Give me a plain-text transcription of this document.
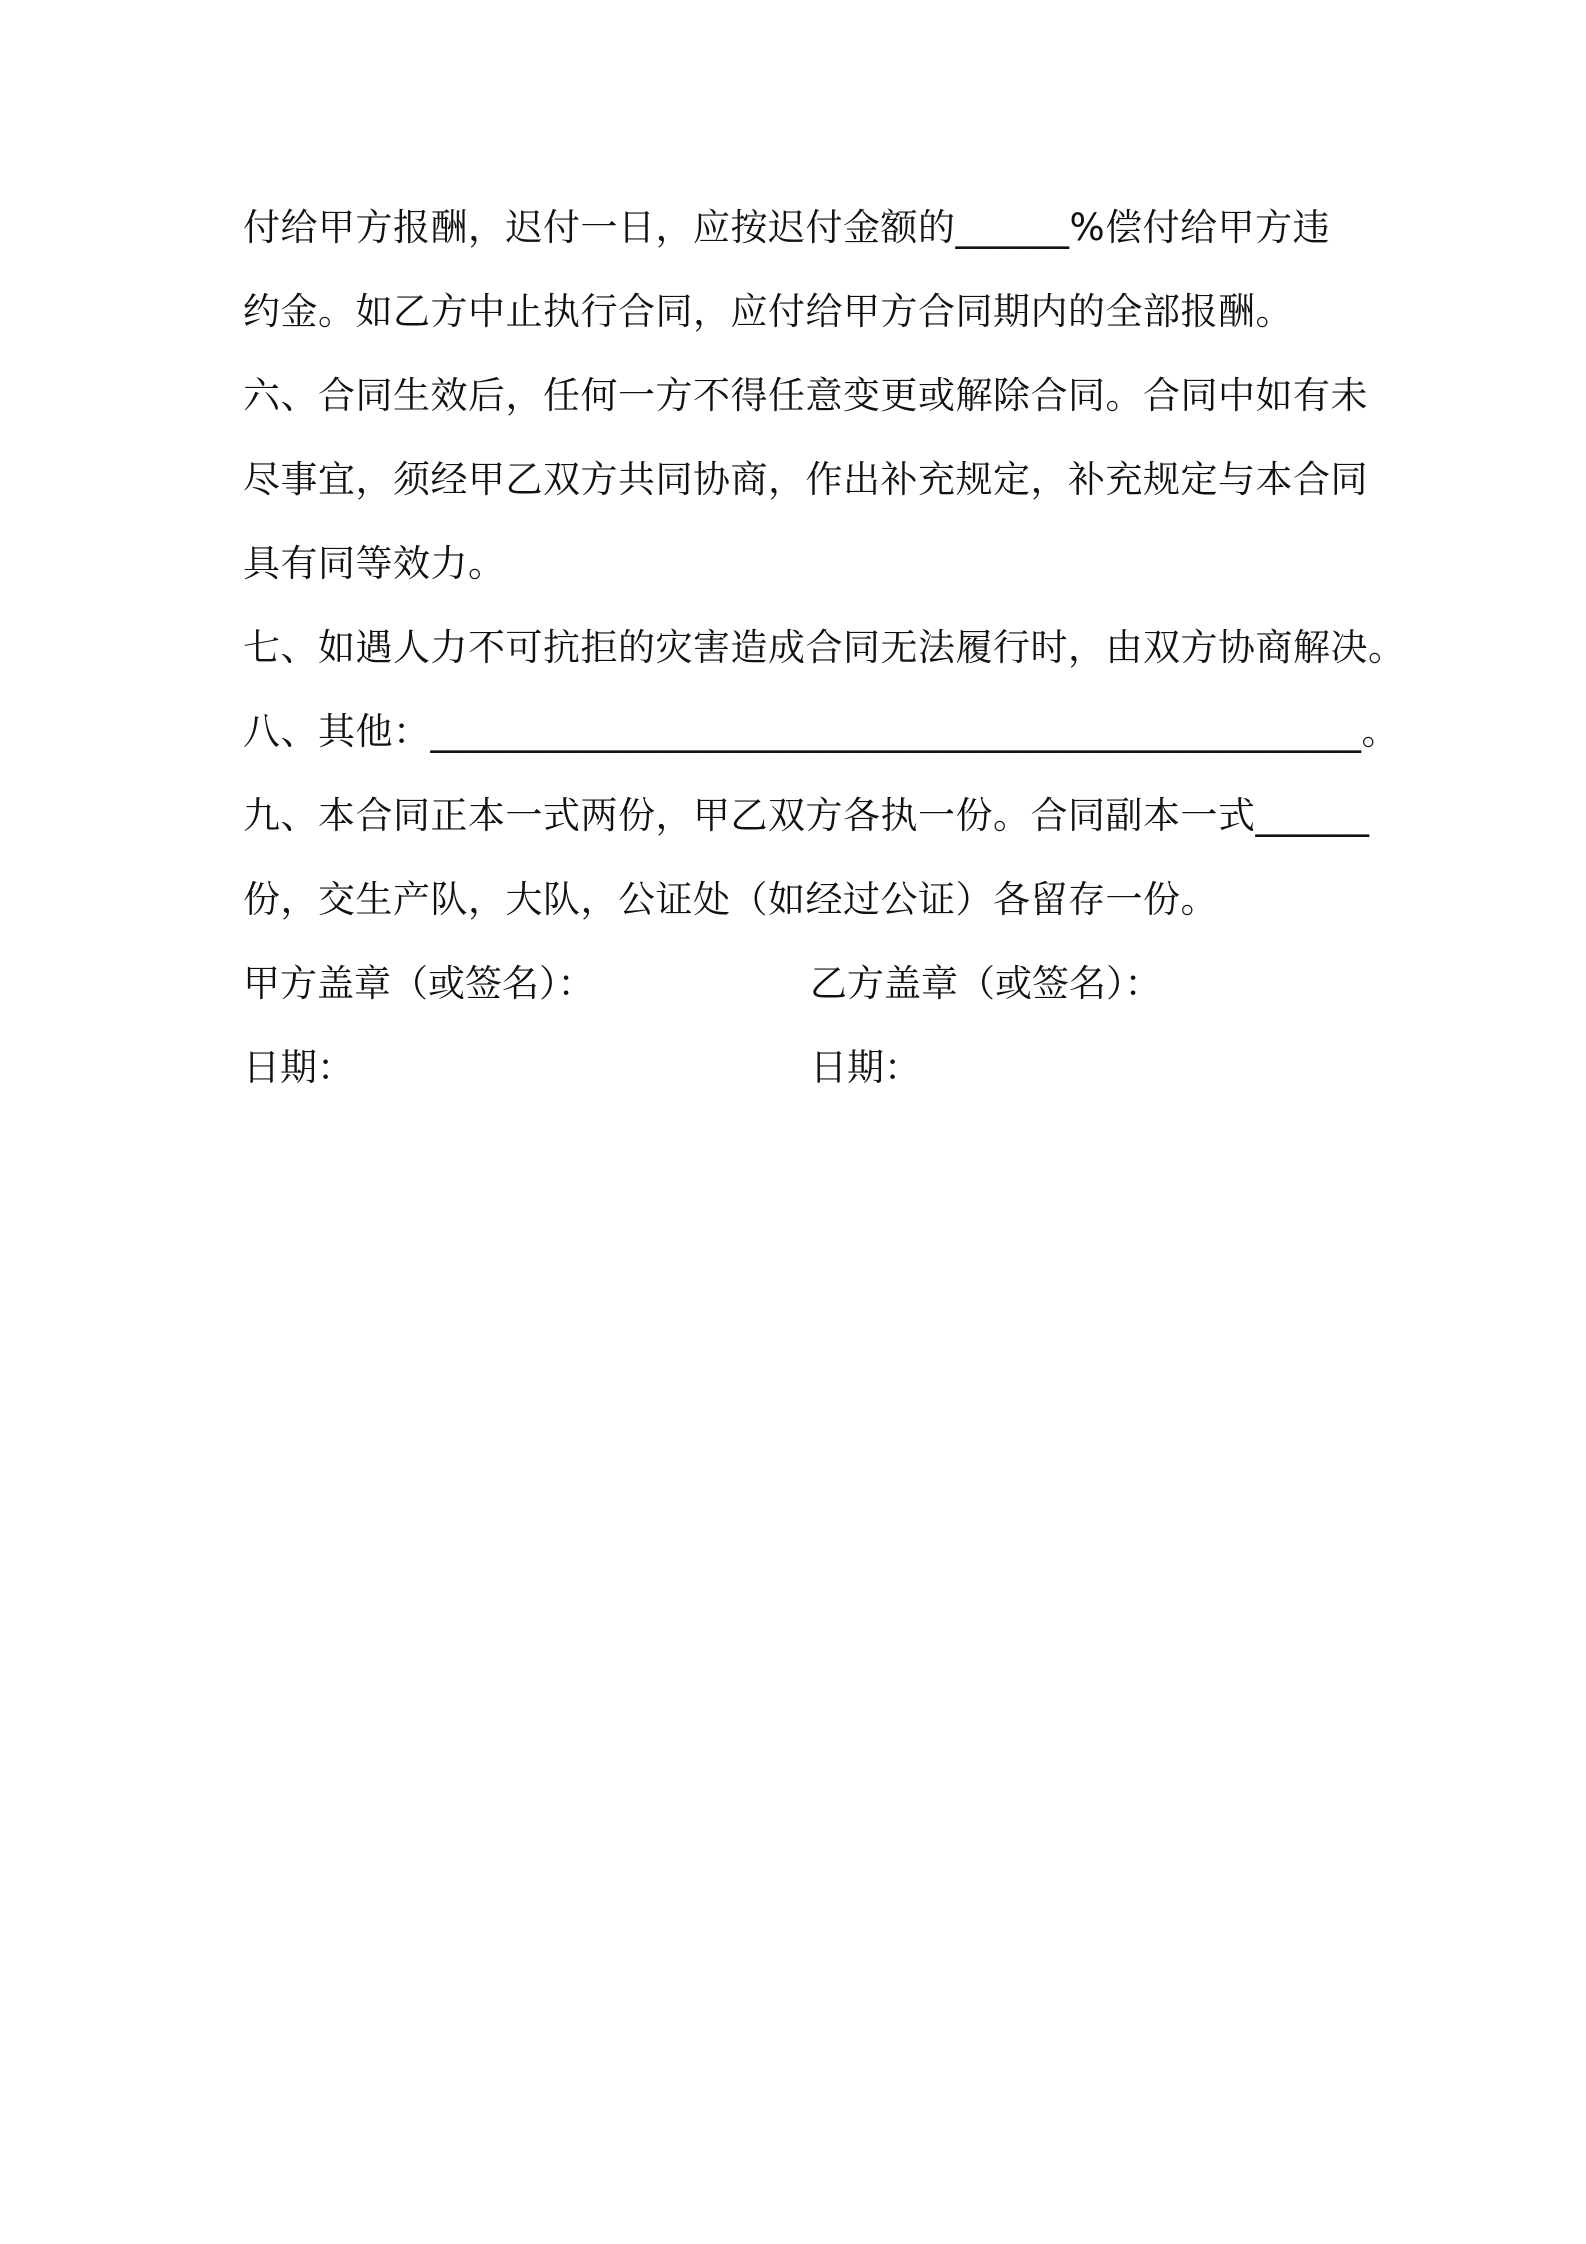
付给甲方报酬，迟付一日，应按迟付金额的______%偿付给甲方违
约金。如乙方中止执行合同，应付给甲方合同期内的全部报酬。
六、合同生效后，任何一方不得任意变更或解除合同。合同中如有未
尽事宜，须经甲乙双方共同协商，作出补充规定，补充规定与本合同
具有同等效力。
七、如遇人力不可抗拒的灾害造成合同无法履行时，由双方协商解决。
八、其他：_________________________________________________。
九、本合同正本一式两份，甲乙双方各执一份。合同副本一式______
份，交生产队，大队，公证处（如经过公证）各留存一份。
甲方盖章（或签名）：	乙方盖章（或签名）：
日期：	日期：
